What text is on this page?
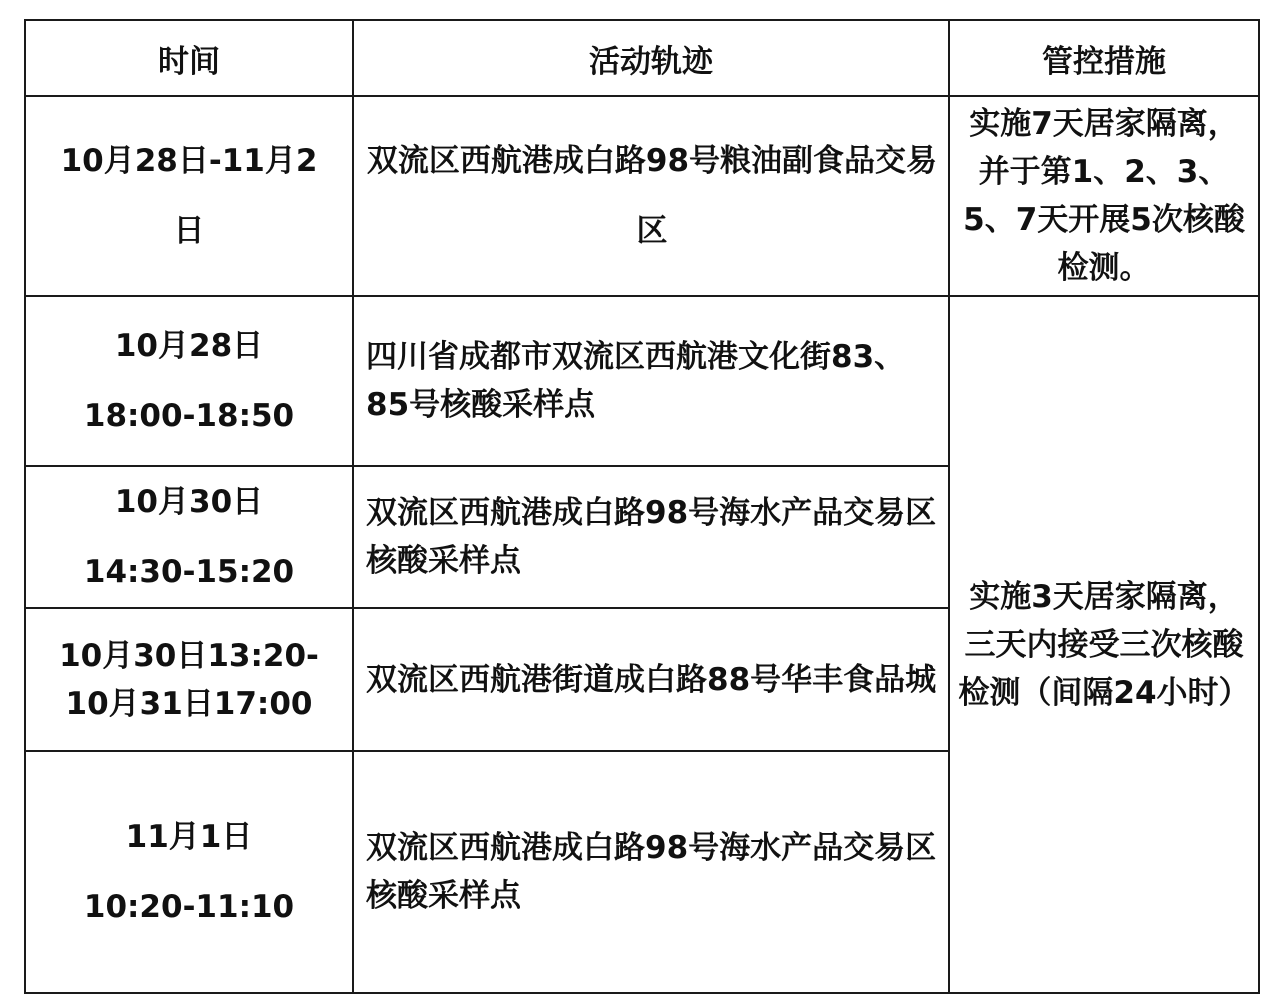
时间	活动轨迹	管控措施

10月28日-11月2
日	双流区西航港成白路98号粮油副食品交易区	实施7天居家隔离，并于第1、2、3、5、7天开展5次核酸检测。

10月28日
18:00-18:50	四川省成都市双流区西航港文化街83、85号核酸采样点	实施3天居家隔离，三天内接受三次核酸检测（间隔24小时）

10月30日
14:30-15:20	双流区西航港成白路98号海水产品交易区核酸采样点	

10月30日13:20-
10月31日17:00	双流区西航港街道成白路88号华丰食品城	

11月1日
10:20-11:10	双流区西航港成白路98号海水产品交易区核酸采样点	
